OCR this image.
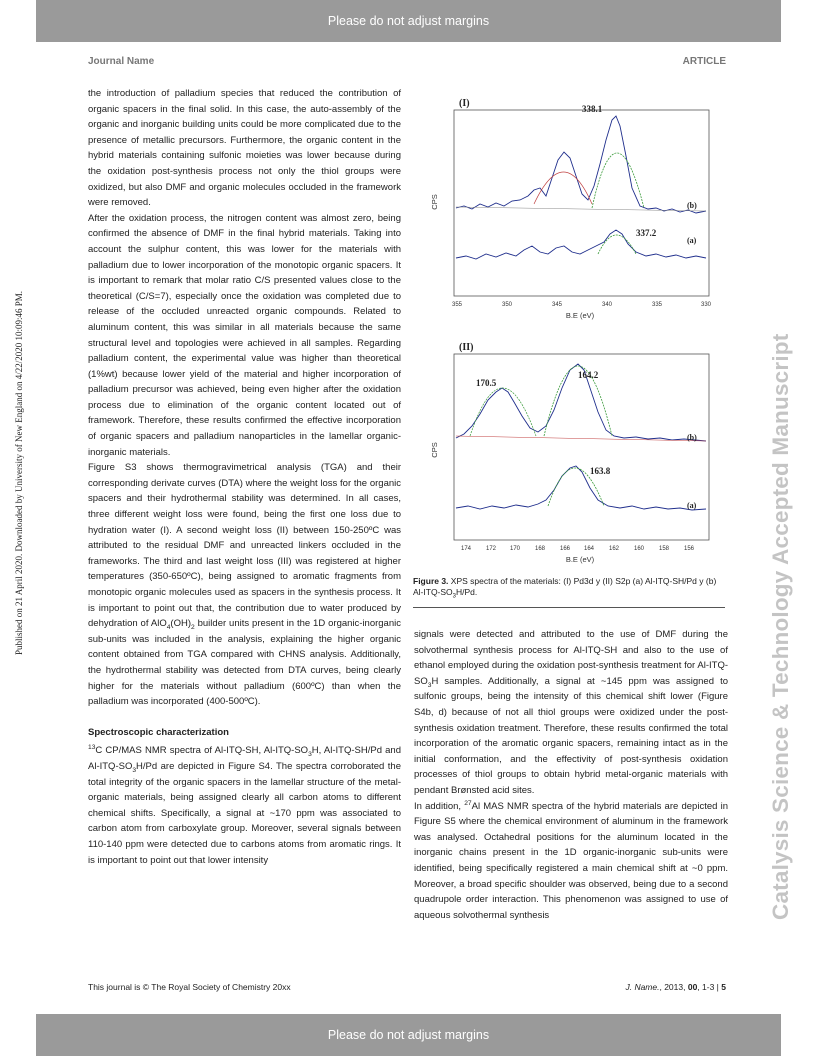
Please do not adjust margins
Journal Name	ARTICLE
Published on 21 April 2020. Downloaded by University of New England on 4/22/2020 10:09:46 PM.	Catalysis Science & Technology Accepted Manuscript

the introduction of palladium species that reduced the contribution of organic spacers in the final solid. In this case, the auto-assembly of the organic and inorganic building units could be more complicated due to the presence of metallic precursors. Furthermore, the organic content in the hybrid materials containing sulfonic moieties was lower because during the oxidation post-synthesis process not only the thiol groups were oxidized, but also DMF and organic molecules occluded in the framework were removed.

After the oxidation process, the nitrogen content was almost zero, being confirmed the absence of DMF in the final hybrid materials. Taking into account the sulphur content, this was lower for the materials with palladium due to lower incorporation of the monotopic organic spacers. It is important to remark that molar ratio C/S presented values close to the theoretical (C/S=7), especially once the oxidation was completed due to release of the occluded unreacted organic compounds. Related to aluminum content, this was similar in all materials because the same structural level and topologies were achieved in all samples. Regarding palladium content, the experimental value was higher than theoretical (1%wt) because lower yield of the material and higher incorporation of palladium precursor was achieved, being even higher after the oxidation process due to elimination of the organic content located out of framework. Therefore, these results confirmed the effective incorporation of organic spacers and palladium nanoparticles in the lamellar organic-inorganic materials.

Figure S3 shows thermogravimetrical analysis (TGA) and their corresponding derivate curves (DTA) where the weight loss for the organic spacers and their hydrothermal stability was determined. In all cases, three different weight loss were found, being the first one loss due to hydration water (I). A second weight loss (II) between 150-250ºC was attributed to the residual DMF and unreacted linkers occluded in the frameworks. The third and last weight loss (III) was registered at higher temperatures (350-650ºC), being assigned to aromatic fragments from monotopic organic molecules used as spacers in the synthesis process. It is important to point out that, the contribution due to water produced by dehydration of $AlO_4(OH)_2$ builder units present in the 1D organic-inorganic sub-units was included in the analysis, explaining the higher organic content obtained from TGA compared with CHNS analysis. Additionally, the hydrothermal stability was detected from DTA curves, being clearly higher for the materials without palladium (600ºC) than when the palladium was incorporated (400-500ºC).

Spectroscopic characterization

$^{13}$C CP/MAS NMR spectra of Al-ITQ-SH, $Al-ITQ-SO_3H$, Al-ITQ-SH/Pd and $Al-ITQ-SO_3H/Pd$ are depicted in Figure S4. The spectra corroborated the total integrity of the organic spacers in the lamellar structure of the metal-organic materials, being assigned clearly all carbon atoms to different chemical shifts. Specifically, a signal at ~170 ppm was associated to carbon atom from carboxylate group. Moreover, several signals between 110-140 ppm were detected due to carbons atoms from aromatic rings. It is important to point out that lower intensity

(I)
CPS
355	350	345	340	335	330
B.E (eV)
338.1
(b)
337.2
(a)
(II)
CPS
174 172 170 168 166 164 162 160 158 156
B.E (eV)
170.5
164.2
(b)
163.8
(a)
Figure 3. XPS spectra of the materials: (I) Pd3d y (II) S2p (a) Al-ITQ-SH/Pd y (b) $Al-ITQ-SO_3H/Pd$.

signals were detected and attributed to the use of DMF during the solvothermal synthesis process for Al-ITQ-SH and also to the use of ethanol employed during the oxidation post-synthesis treatment for $Al-ITQ-SO_3H$ samples. Additionally, a signal at ~145 ppm was assigned to sulfonic groups, being the intensity of this chemical shift lower (Figure S4b, d) because of not all thiol groups were oxidized under the post-synthesis oxidation treatment. Therefore, these results confirmed the total incorporation of the aromatic organic spacers, remaining intact as in the initial conformation, and the effectivity of post-synthesis oxidation processes of thiol groups to obtain hybrid metal-organic materials with pendant Brønsted acid sites.

In addition, $^{27}$Al MAS NMR spectra of the hybrid materials are depicted in Figure S5 where the chemical environment of aluminum in the framework was analysed. Octahedral positions for the aluminum located in the inorganic chains present in the 1D organic-inorganic sub-units were identified, being specifically registered a main chemical shift at ~0 ppm. Moreover, a broad specific shoulder was observed, being due to a second quadrupole order interaction. This phenomenon was assigned to use of aqueous solvothermal synthesis

This journal is © The Royal Society of Chemistry 20xx	J. Name., 2013, 00, 1-3 | 5
Please do not adjust margins
